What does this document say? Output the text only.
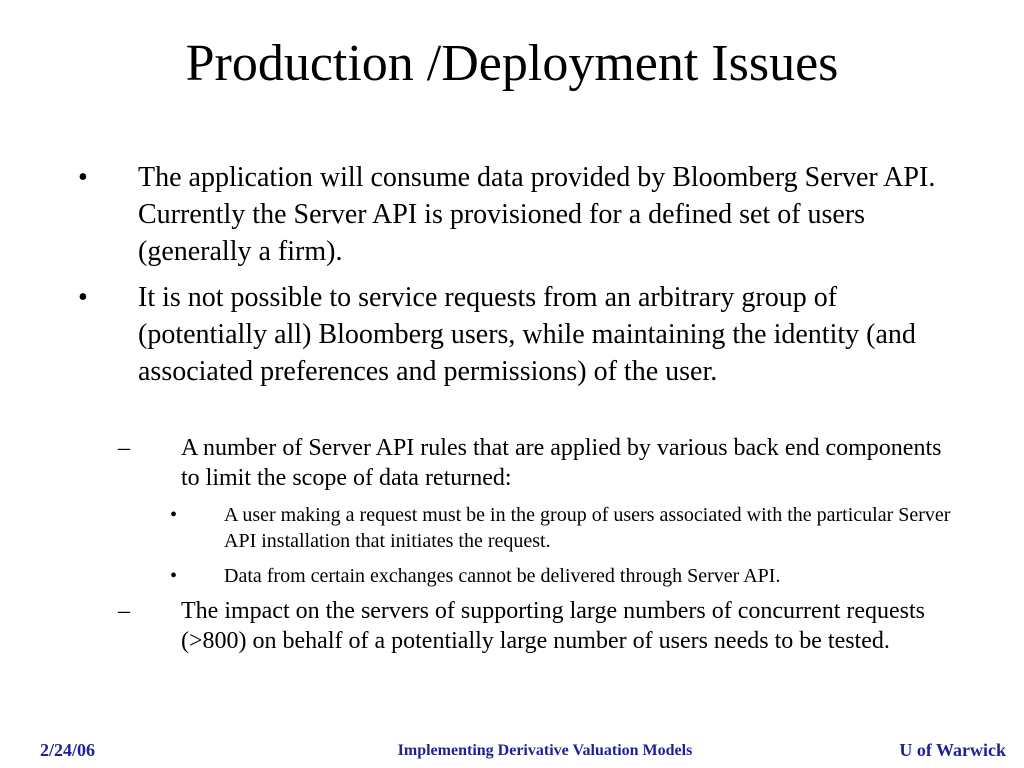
Production /Deployment Issues
• The application will consume data provided by Bloomberg Server API. Currently the Server API is provisioned for a defined set of users (generally a firm).
• It is not possible to service requests from an arbitrary group of (potentially all) Bloomberg users, while maintaining the identity (and associated preferences and permissions) of the user.
– A number of Server API rules that are applied by various back end components to limit the scope of data returned:
• A user making a request must be in the group of users associated with the particular Server API installation that initiates the request.
• Data from certain exchanges cannot be delivered through Server API.
– The impact on the servers of supporting large numbers of concurrent requests (>800) on behalf of a potentially large number of users needs to be tested.
2/24/06	Implementing Derivative Valuation Models	U of Warwick
